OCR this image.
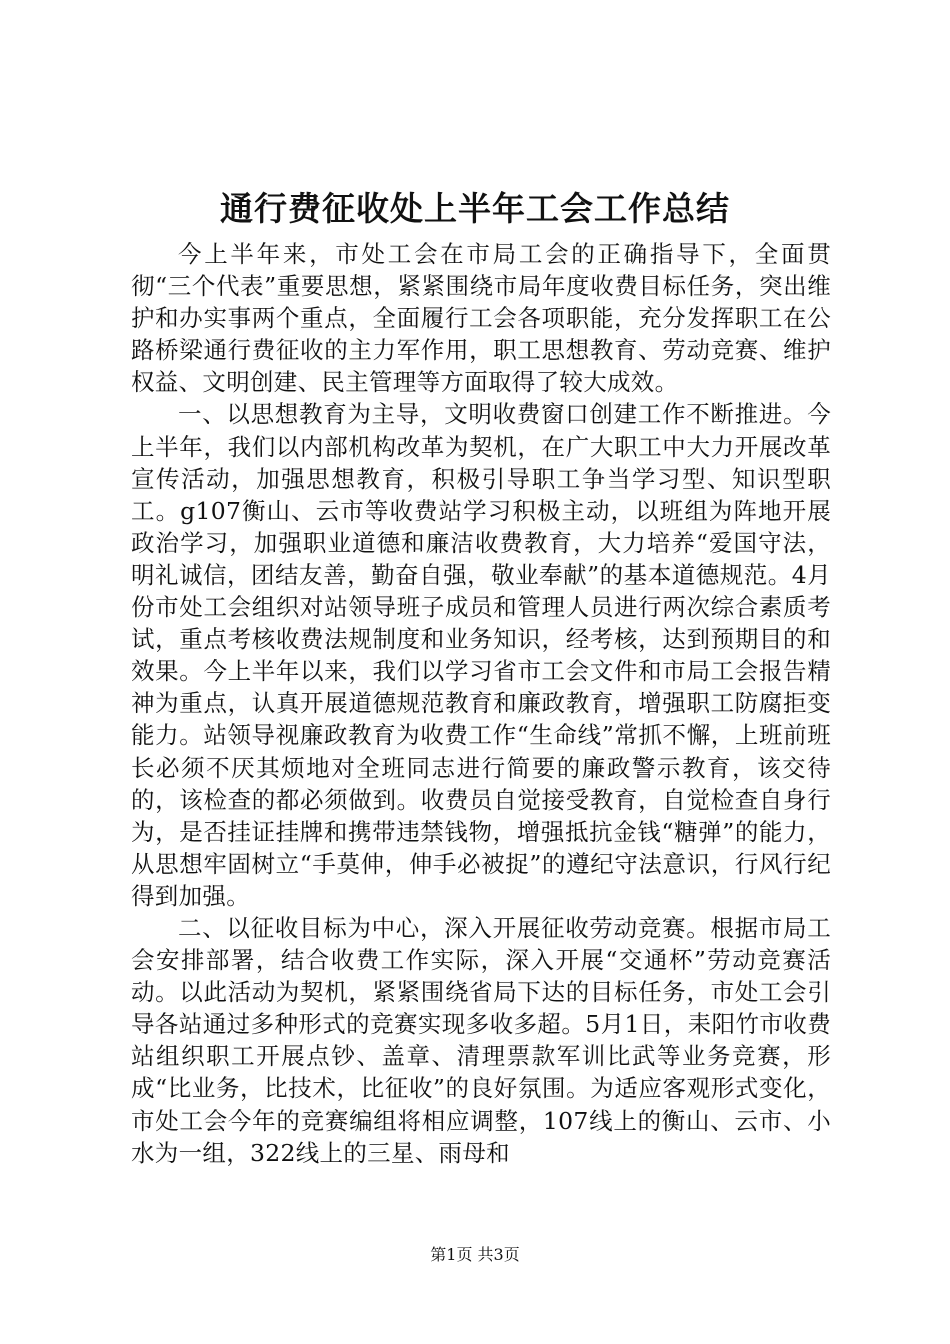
通行费征收处上半年工会工作总结

今上半年来，市处工会在市局工会的正确指导下，全面贯彻“三个代表”重要思想，紧紧围绕市局年度收费目标任务，突出维护和办实事两个重点，全面履行工会各项职能，充分发挥职工在公路桥梁通行费征收的主力军作用，职工思想教育、劳动竞赛、维护权益、文明创建、民主管理等方面取得了较大成效。

一、以思想教育为主导，文明收费窗口创建工作不断推进。今上半年，我们以内部机构改革为契机，在广大职工中大力开展改革宣传活动，加强思想教育，积极引导职工争当学习型、知识型职工。g107衡山、云市等收费站学习积极主动，以班组为阵地开展政治学习，加强职业道德和廉洁收费教育，大力培养“爱国守法，明礼诚信，团结友善，勤奋自强，敬业奉献”的基本道德规范。4月份市处工会组织对站领导班子成员和管理人员进行两次综合素质考试，重点考核收费法规制度和业务知识，经考核，达到预期目的和效果。今上半年以来，我们以学习省市工会文件和市局工会报告精神为重点，认真开展道德规范教育和廉政教育，增强职工防腐拒变能力。站领导视廉政教育为收费工作“生命线”常抓不懈，上班前班长必须不厌其烦地对全班同志进行简要的廉政警示教育，该交待的，该检查的都必须做到。收费员自觉接受教育，自觉检查自身行为，是否挂证挂牌和携带违禁钱物，增强抵抗金钱“糖弹”的能力，从思想牢固树立“手莫伸，伸手必被捉”的遵纪守法意识，行风行纪得到加强。

二、以征收目标为中心，深入开展征收劳动竞赛。根据市局工会安排部署，结合收费工作实际，深入开展“交通杯”劳动竞赛活动。以此活动为契机，紧紧围绕省局下达的目标任务，市处工会引导各站通过多种形式的竞赛实现多收多超。5月1日，耒阳竹市收费站组织职工开展点钞、盖章、清理票款军训比武等业务竞赛，形成“比业务，比技术，比征收”的良好氛围。为适应客观形式变化，市处工会今年的竞赛编组将相应调整，107线上的衡山、云市、小水为一组，322线上的三星、雨母和

第1页 共3页
